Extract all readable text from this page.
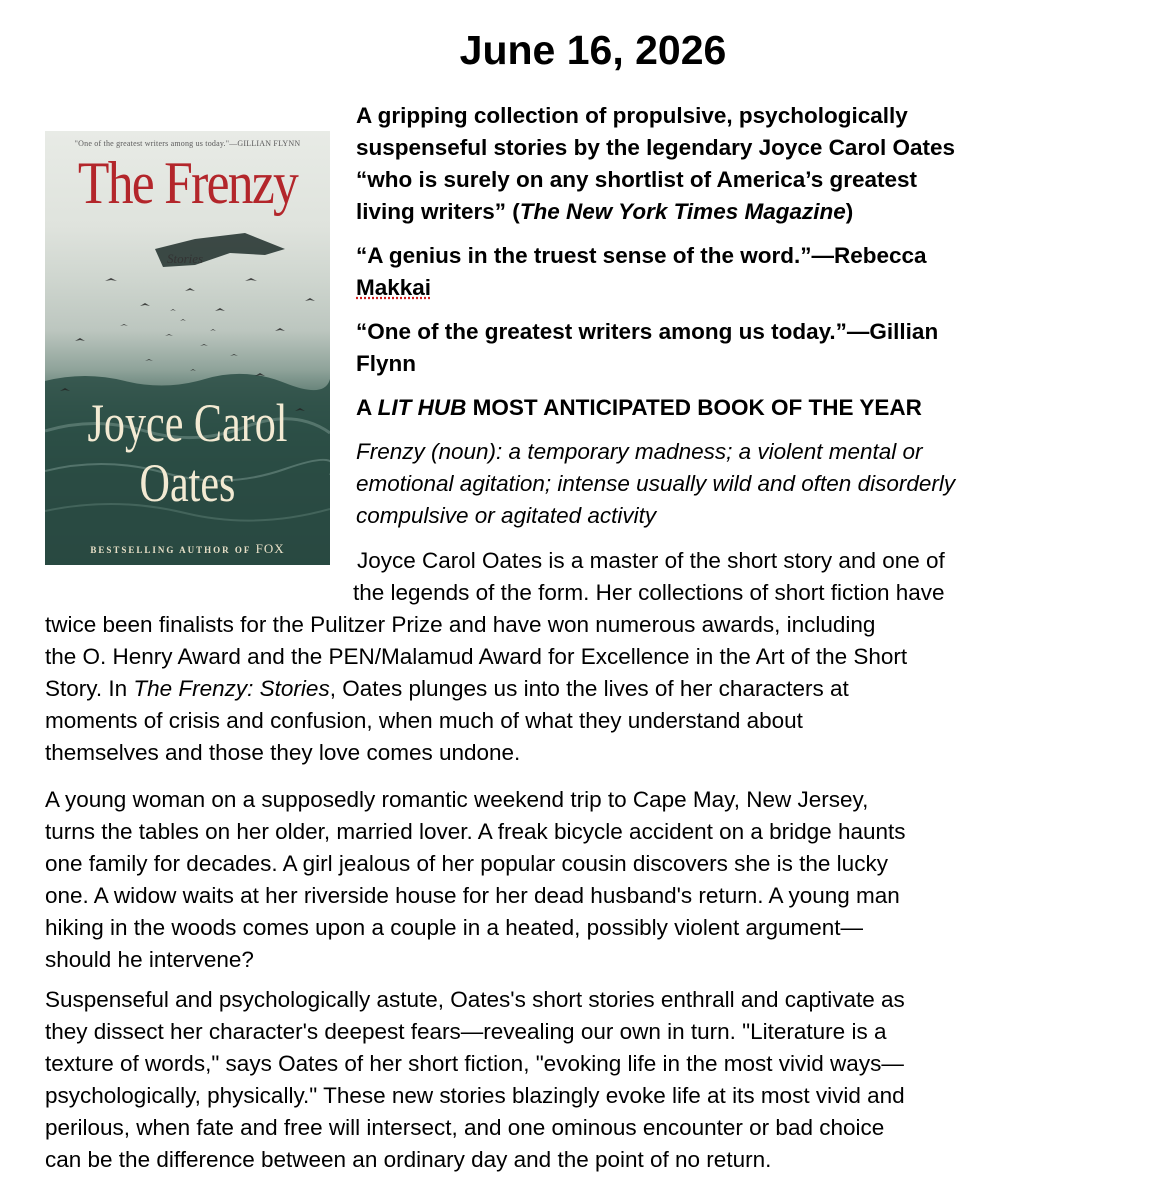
June 16, 2026
"One of the greatest writers among us today."—GILLIAN FLYNN
The Frenzy
Stories
Joyce Carol
Oates
BESTSELLING AUTHOR OF FOX

A gripping collection of propulsive, psychologically

suspenseful stories by the legendary Joyce Carol Oates

“who is surely on any shortlist of America’s greatest

living writers” (The New York Times Magazine)

“A genius in the truest sense of the word.”—Rebecca

Makkai

“One of the greatest writers among us today.”—Gillian

Flynn

A LIT HUB MOST ANTICIPATED BOOK OF THE YEAR

Frenzy (noun): a temporary madness; a violent mental or

emotional agitation; intense usually wild and often disorderly

compulsive or agitated activity

Joyce Carol Oates is a master of the short story and one of

the legends of the form. Her collections of short fiction have

twice been finalists for the Pulitzer Prize and have won numerous awards, including

the O. Henry Award and the PEN/Malamud Award for Excellence in the Art of the Short

Story. In The Frenzy: Stories, Oates plunges us into the lives of her characters at

moments of crisis and confusion, when much of what they understand about

themselves and those they love comes undone.

A young woman on a supposedly romantic weekend trip to Cape May, New Jersey,

turns the tables on her older, married lover. A freak bicycle accident on a bridge haunts

one family for decades. A girl jealous of her popular cousin discovers she is the lucky

one. A widow waits at her riverside house for her dead husband's return. A young man

hiking in the woods comes upon a couple in a heated, possibly violent argument—

should he intervene?

Suspenseful and psychologically astute, Oates's short stories enthrall and captivate as

they dissect her character's deepest fears—revealing our own in turn. "Literature is a

texture of words," says Oates of her short fiction, "evoking life in the most vivid ways—

psychologically, physically." These new stories blazingly evoke life at its most vivid and

perilous, when fate and free will intersect, and one ominous encounter or bad choice

can be the difference between an ordinary day and the point of no return.
